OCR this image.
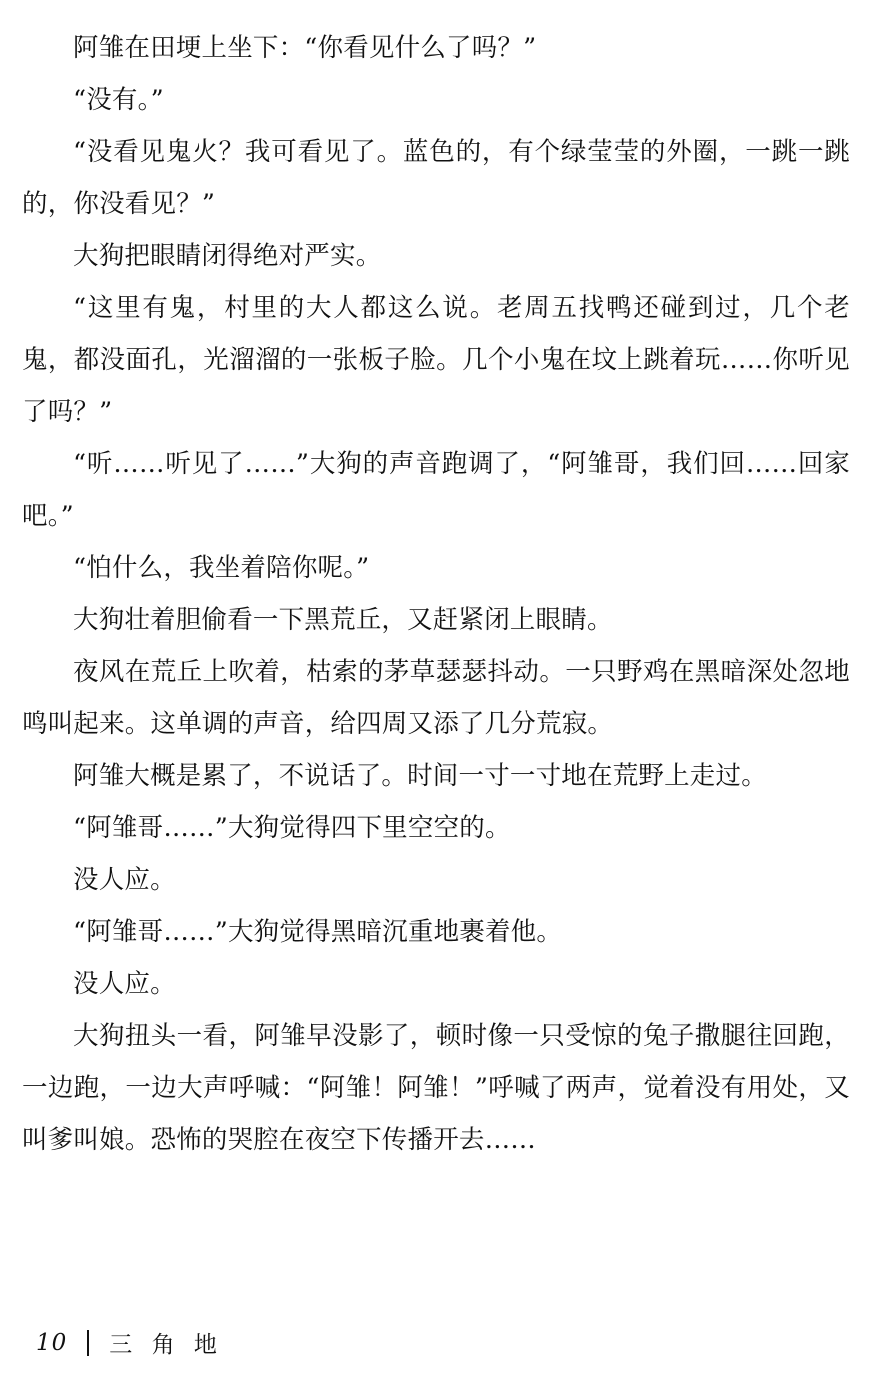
阿雏在田埂上坐下：“你看见什么了吗？”

“没有。”

“没看见鬼火？我可看见了。蓝色的，有个绿莹莹的外圈，一跳一跳的，你没看见？”

大狗把眼睛闭得绝对严实。

“这里有鬼，村里的大人都这么说。老周五找鸭还碰到过，几个老鬼，都没面孔，光溜溜的一张板子脸。几个小鬼在坟上跳着玩……你听见了吗？”

“听……听见了……”大狗的声音跑调了，“阿雏哥，我们回……回家吧。”

“怕什么，我坐着陪你呢。”

大狗壮着胆偷看一下黑荒丘，又赶紧闭上眼睛。

夜风在荒丘上吹着，枯索的茅草瑟瑟抖动。一只野鸡在黑暗深处忽地鸣叫起来。这单调的声音，给四周又添了几分荒寂。

阿雏大概是累了，不说话了。时间一寸一寸地在荒野上走过。

“阿雏哥……”大狗觉得四下里空空的。

没人应。

“阿雏哥……”大狗觉得黑暗沉重地裹着他。

没人应。

大狗扭头一看，阿雏早没影了，顿时像一只受惊的兔子撒腿往回跑，一边跑，一边大声呼喊：“阿雏！阿雏！”呼喊了两声，觉着没有用处，又叫爹叫娘。恐怖的哭腔在夜空下传播开去……

10 三 角 地
